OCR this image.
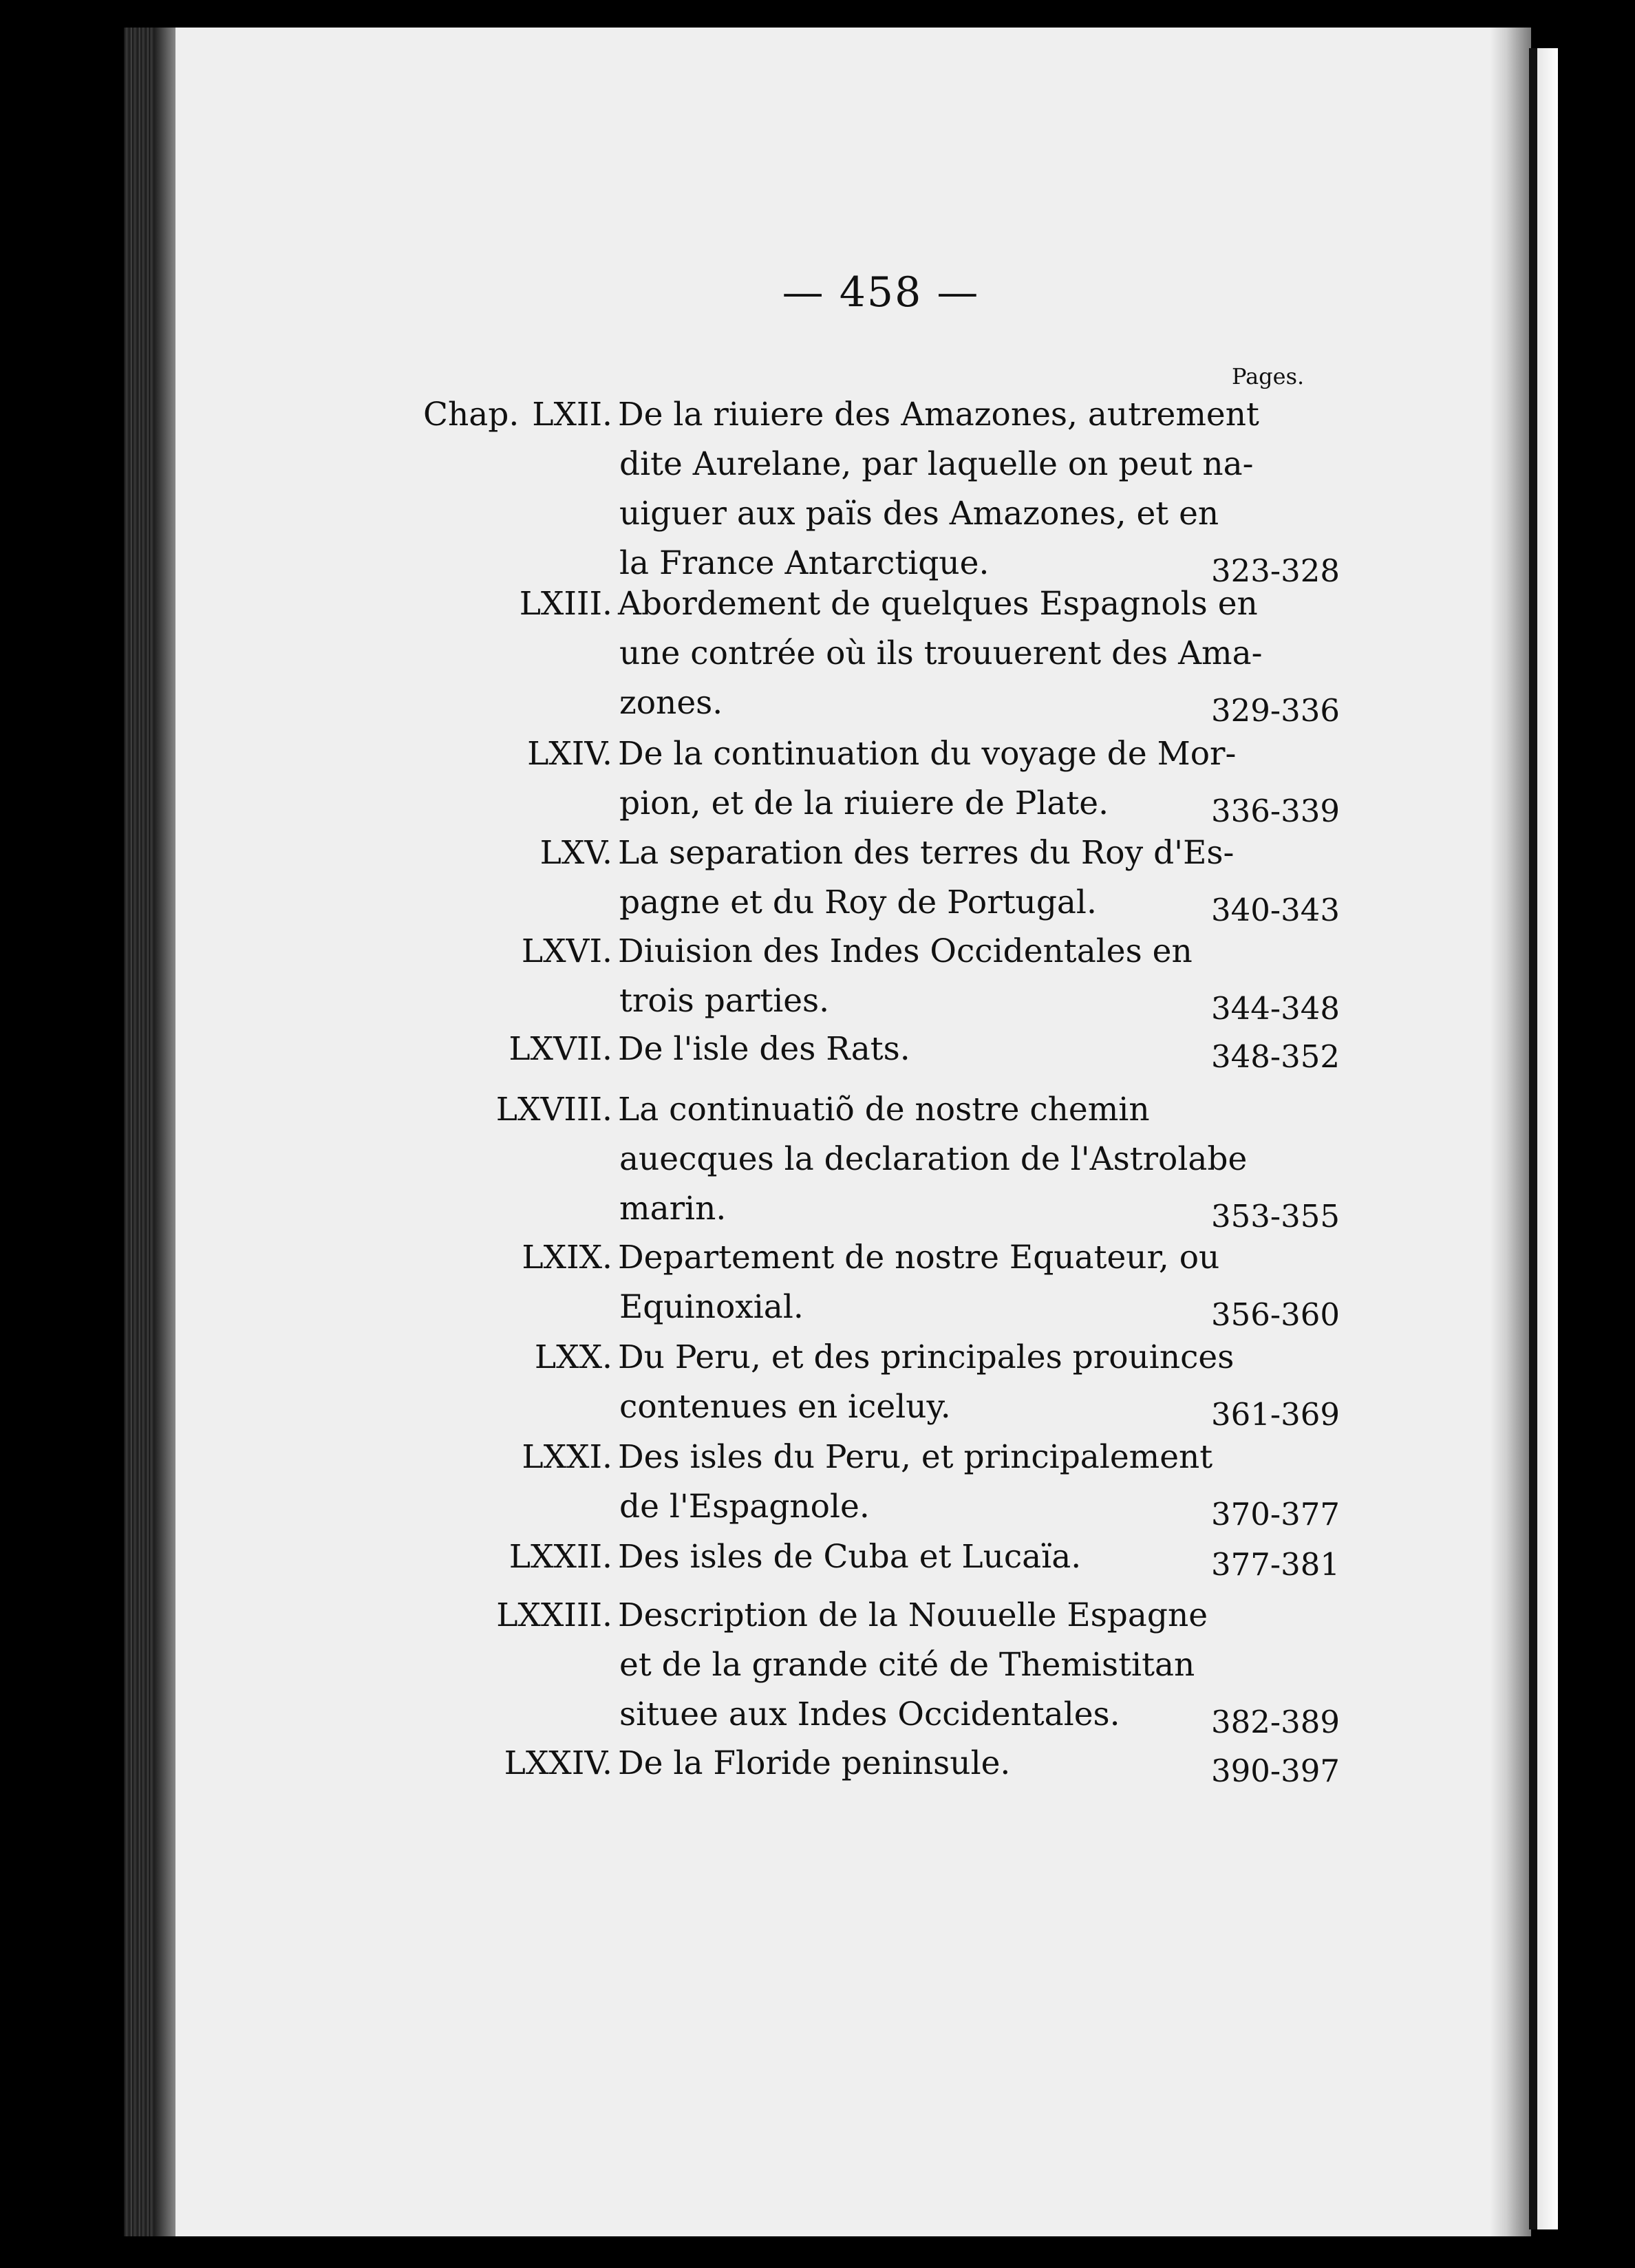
— 458 —
Pages.
Chap. LXII. De la riuiere des Amazones, autrement
dite Aurelane, par laquelle on peut na-
uiguer aux païs des Amazones, et en
la France Antarctique.	323-328
LXIII. Abordement de quelques Espagnols en
une contrée où ils trouuerent des Ama-
zones.	329-336
LXIV. De la continuation du voyage de Mor-
pion, et de la riuiere de Plate.	336-339
LXV. La separation des terres du Roy d'Es-
pagne et du Roy de Portugal.	340-343
LXVI. Diuision des Indes Occidentales en
trois parties.	344-348
LXVII. De l'isle des Rats.	348-352
LXVIII. La continuatiõ de nostre chemin
auecques la declaration de l'Astrolabe
marin.	353-355
LXIX. Departement de nostre Equateur, ou
Equinoxial.	356-360
LXX. Du Peru, et des principales prouinces
contenues en iceluy.	361-369
LXXI. Des isles du Peru, et principalement
de l'Espagnole.	370-377
LXXII. Des isles de Cuba et Lucaïa.	377-381
LXXIII. Description de la Nouuelle Espagne
et de la grande cité de Themistitan
situee aux Indes Occidentales.	382-389
LXXIV. De la Floride peninsule.	390-397
